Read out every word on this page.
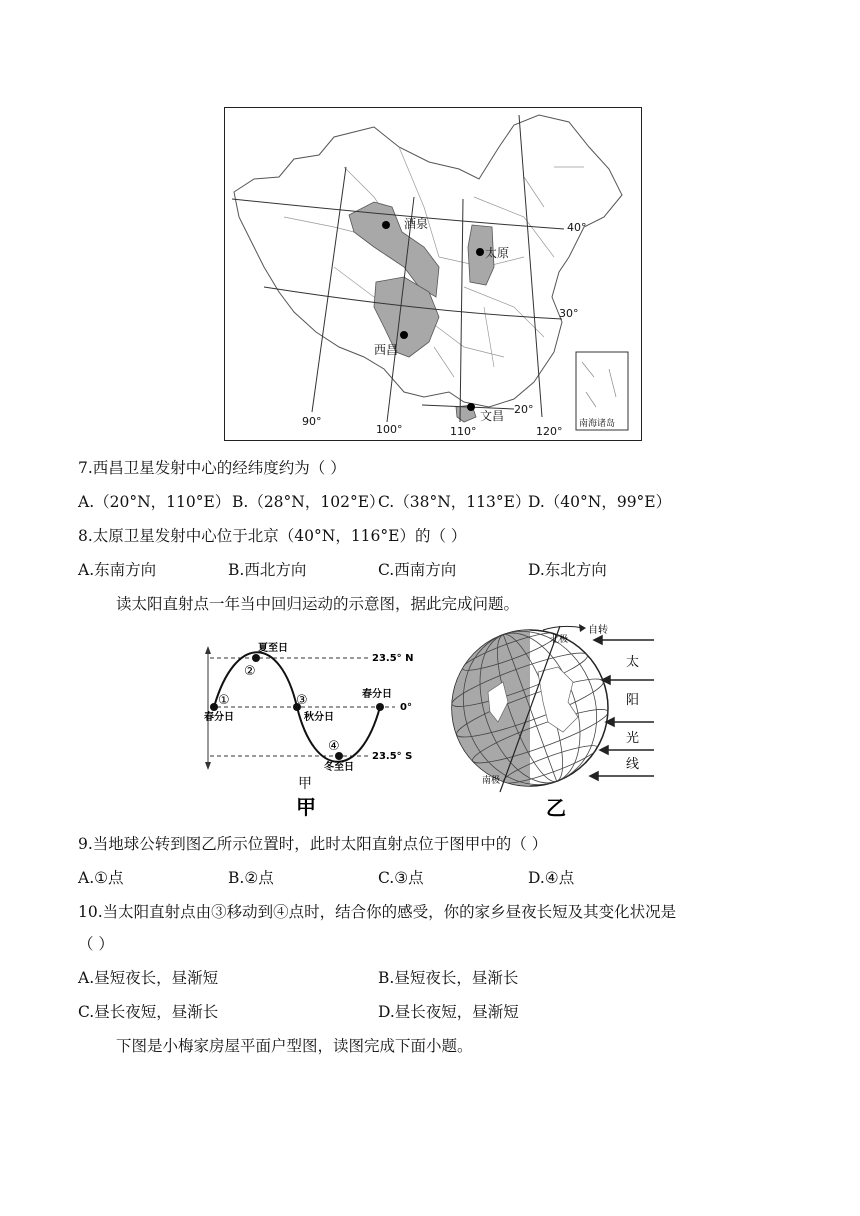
酒泉
太原
西昌
文昌
40°
30°
20°
90°
100°	110°	120°
南海诸岛
7.西昌卫星发射中心的经纬度约为（ ）
A.（20°N，110°E） B.（28°N，102°E）
C.（38°N，113°E）
D.（40°N，99°E）
8.太原卫星发射中心位于北京（40°N，116°E）的（ ）
A.东南方向	B.西北方向	C.西南方向	D.东北方向
读太阳直射点一年当中回归运动的示意图，据此完成问题。
夏至日
春分日	秋分日
冬至日
春分日
23.5° N
0°
23.5° S
①
②
③
④
甲
甲
自转
北极
南极
太
阳
光
线
乙
9.当地球公转到图乙所示位置时，此时太阳直射点位于图甲中的（ ）
A.①点	B.②点	C.③点	D.④点
10.当太阳直射点由③移动到④点时，结合你的感受，你的家乡昼夜长短及其变化状况是
（ ）
A.昼短夜长，昼渐短	B.昼短夜长，昼渐长
C.昼长夜短，昼渐长	D.昼长夜短，昼渐短
下图是小梅家房屋平面户型图，读图完成下面小题。
